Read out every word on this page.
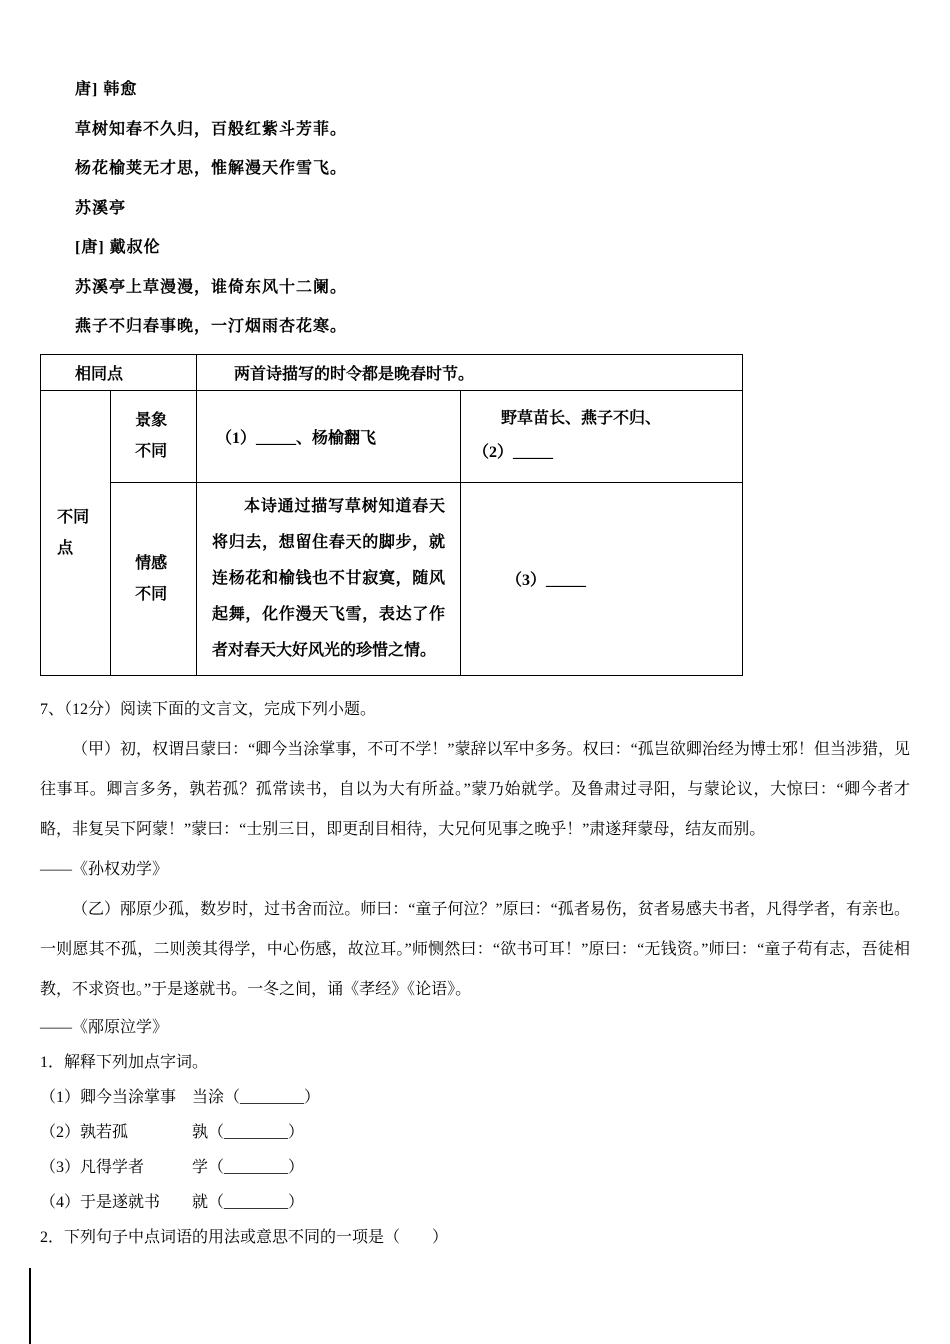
唐] 韩愈

草树知春不久归，百般红紫斗芳菲。

杨花榆荚无才思，惟解漫天作雪飞。

苏溪亭

[唐] 戴叔伦

苏溪亭上草漫漫，谁倚东风十二阑。

燕子不归春事晚，一汀烟雨杏花寒。

相同点		两首诗描写的时令都是晚春时节。	

不同点	景象不同	（1）_____、杨榆翻飞	野草苗长、燕子不归、
（2）_____

	情感不同	本诗通过描写草树知道春天将归去，想留住春天的脚步，就连杨花和榆钱也不甘寂寞，随风起舞，化作漫天飞雪，表达了作者对春天大好风光的珍惜之情。	（3）_____

7、（12分）阅读下面的文言文，完成下列小题。

（甲）初，权谓吕蒙曰：“卿今当涂掌事，不可不学！”蒙辞以军中多务。权曰：“孤岂欲卿治经为博士邪！但当涉猎，见往事耳。卿言多务，孰若孤？孤常读书，自以为大有所益。”蒙乃始就学。及鲁肃过寻阳，与蒙论议，大惊曰：“卿今者才略，非复吴下阿蒙！”蒙曰：“士别三日，即更刮目相待，大兄何见事之晚乎！”肃遂拜蒙母，结友而别。

——《孙权劝学》

（乙）邴原少孤，数岁时，过书舍而泣。师曰：“童子何泣？”原曰：“孤者易伤，贫者易感夫书者，凡得学者，有亲也。一则愿其不孤，二则羡其得学，中心伤感，故泣耳。”师恻然曰：“欲书可耳！”原曰：“无钱资。”师曰：“童子苟有志，吾徒相教，不求资也。”于是遂就书。一冬之间，诵《孝经》《论语》。

——《邴原泣学》

1．解释下列加点字词。

（1）卿今当涂掌事　当涂（________）

（2）孰若孤　　　　孰（________）

（3）凡得学者　　　学（________）

（4）于是遂就书　　就（________）

2．下列句子中点词语的用法或意思不同的一项是（　　）
